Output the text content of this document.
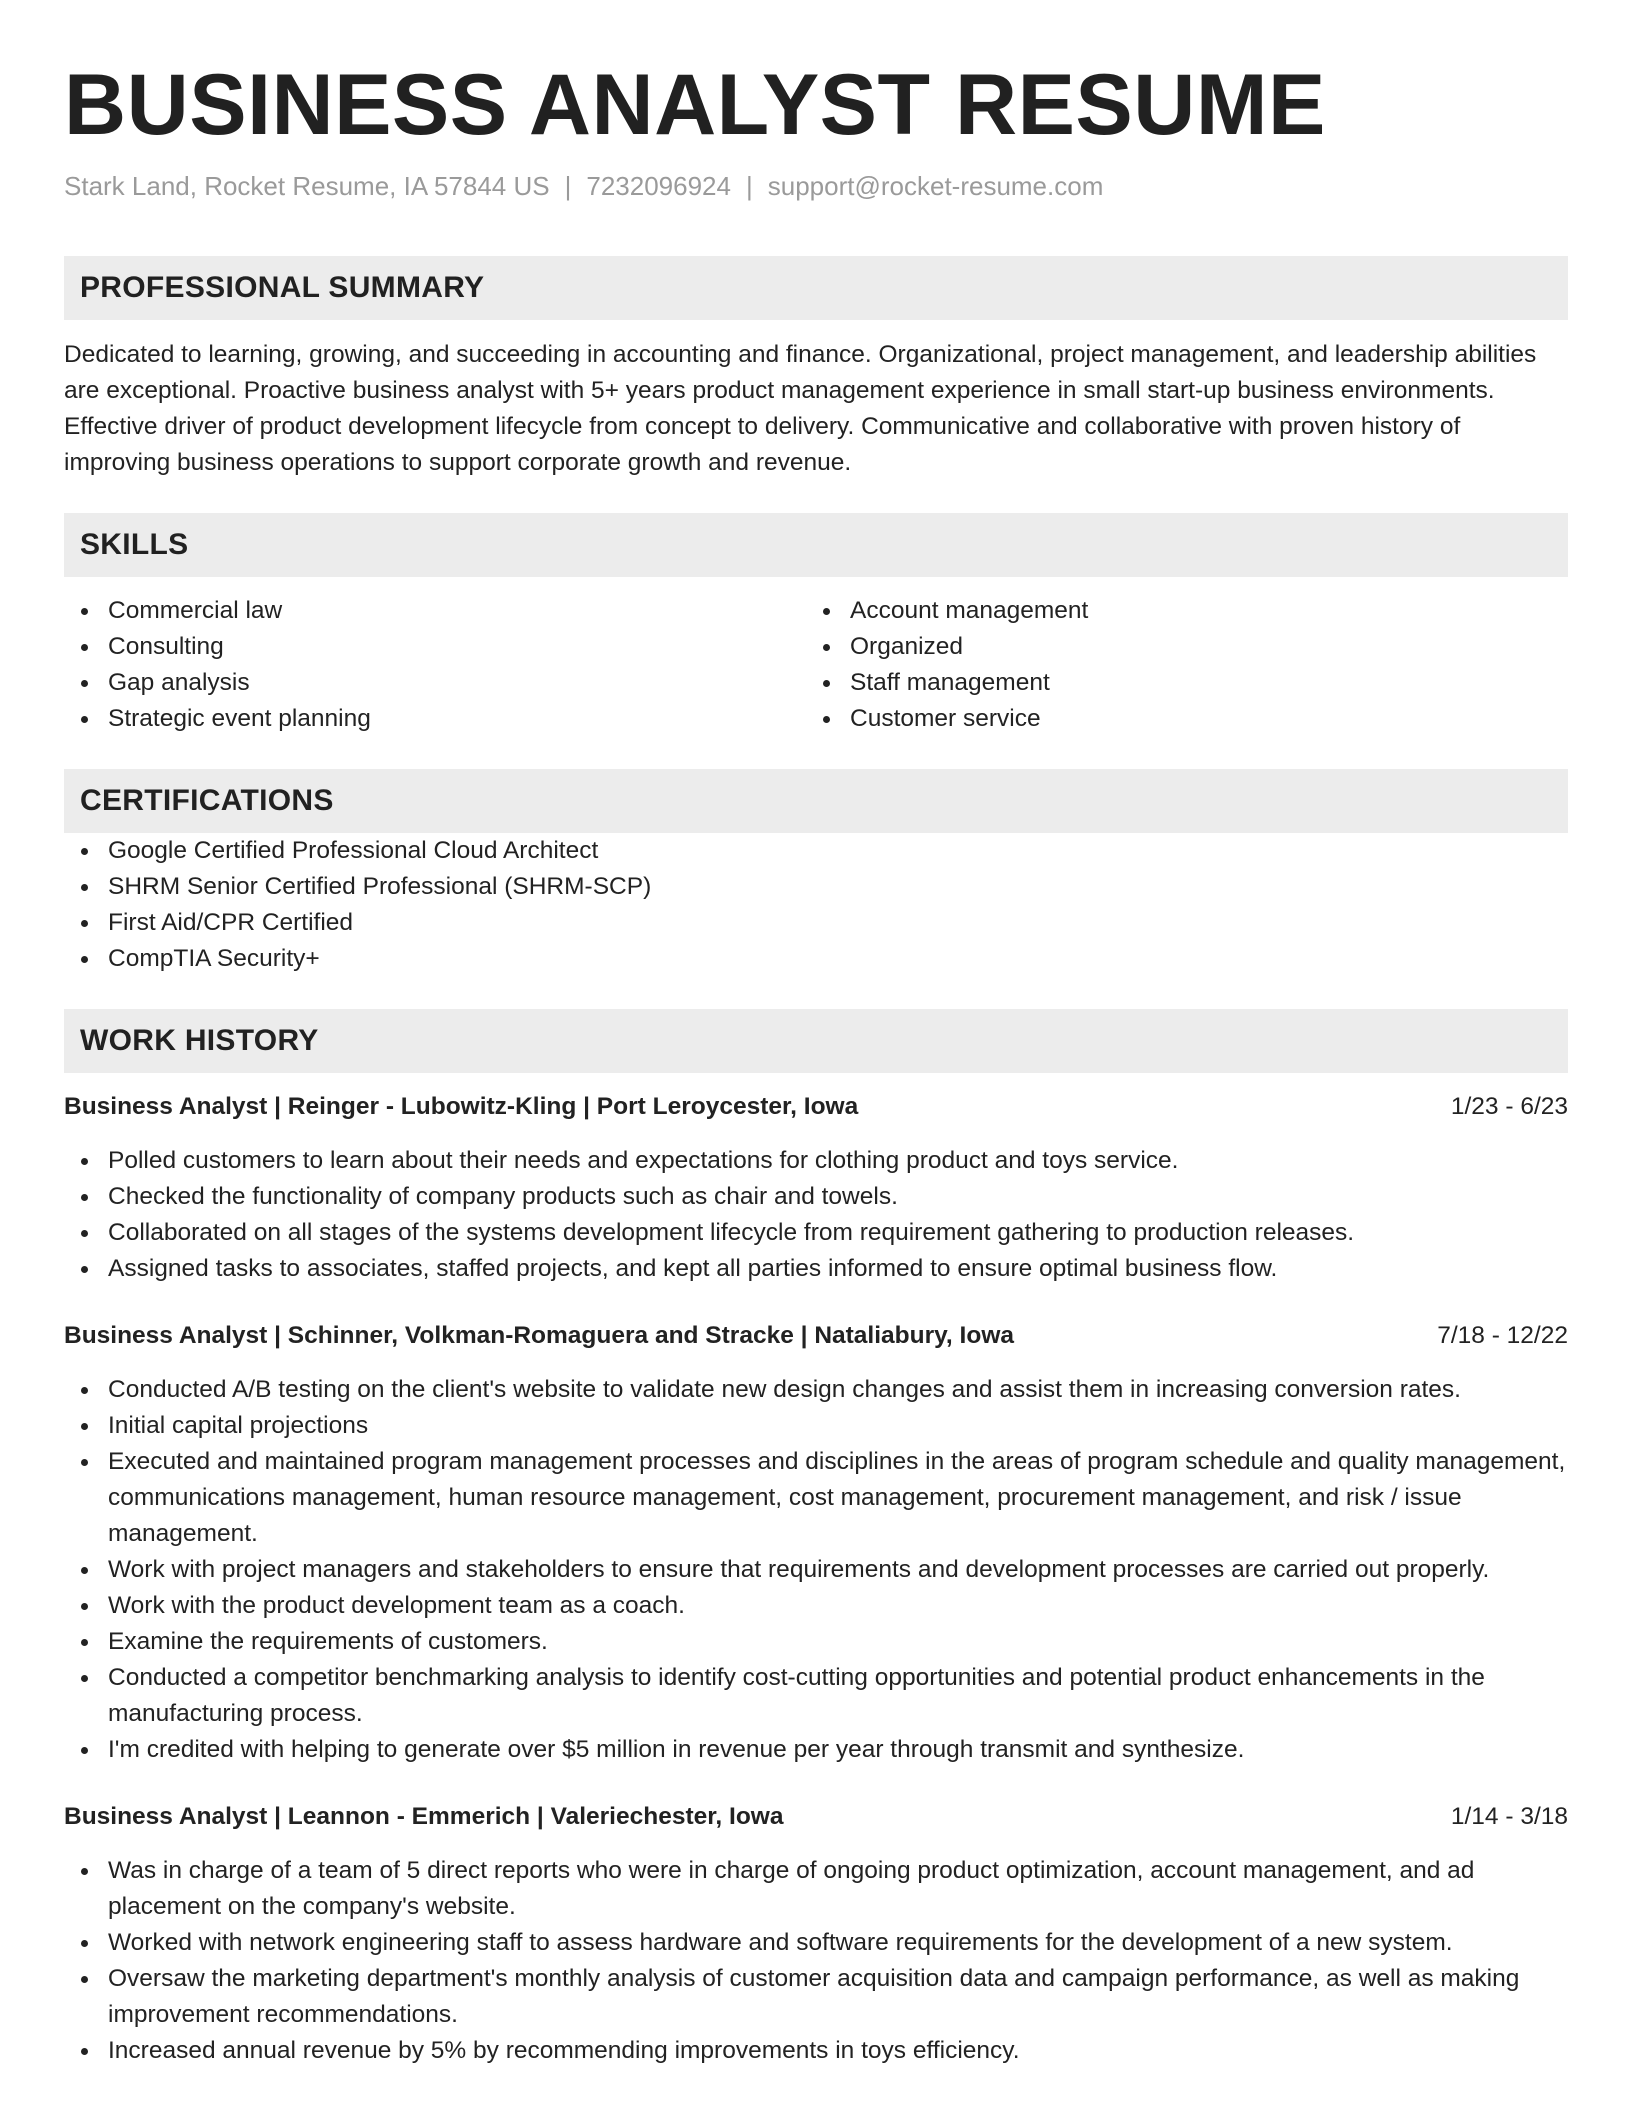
BUSINESS ANALYST RESUME
Stark Land, Rocket Resume, IA 57844 US | 7232096924 | support@rocket-resume.com
PROFESSIONAL SUMMARY
Dedicated to learning, growing, and succeeding in accounting and finance. Organizational, project management, and leadership abilities are exceptional. Proactive business analyst with 5+ years product management experience in small start-up business environments. Effective driver of product development lifecycle from concept to delivery. Communicative and collaborative with proven history of improving business operations to support corporate growth and revenue.
SKILLS
Commercial law
Consulting
Gap analysis
Strategic event planning
Account management
Organized
Staff management
Customer service
CERTIFICATIONS
Google Certified Professional Cloud Architect
SHRM Senior Certified Professional (SHRM-SCP)
First Aid/CPR Certified
CompTIA Security+
WORK HISTORY
Business Analyst | Reinger - Lubowitz-Kling | Port Leroycester, Iowa	1/23 - 6/23
Polled customers to learn about their needs and expectations for clothing product and toys service.
Checked the functionality of company products such as chair and towels.
Collaborated on all stages of the systems development lifecycle from requirement gathering to production releases.
Assigned tasks to associates, staffed projects, and kept all parties informed to ensure optimal business flow.
Business Analyst | Schinner, Volkman-Romaguera and Stracke | Nataliabury, Iowa	7/18 - 12/22
Conducted A/B testing on the client's website to validate new design changes and assist them in increasing conversion rates.
Initial capital projections
Executed and maintained program management processes and disciplines in the areas of program schedule and quality management, communications management, human resource management, cost management, procurement management, and risk / issue management.
Work with project managers and stakeholders to ensure that requirements and development processes are carried out properly.
Work with the product development team as a coach.
Examine the requirements of customers.
Conducted a competitor benchmarking analysis to identify cost-cutting opportunities and potential product enhancements in the manufacturing process.
I'm credited with helping to generate over $5 million in revenue per year through transmit and synthesize.
Business Analyst | Leannon - Emmerich | Valeriechester, Iowa	1/14 - 3/18
Was in charge of a team of 5 direct reports who were in charge of ongoing product optimization, account management, and ad placement on the company's website.
Worked with network engineering staff to assess hardware and software requirements for the development of a new system.
Oversaw the marketing department's monthly analysis of customer acquisition data and campaign performance, as well as making improvement recommendations.
Increased annual revenue by 5% by recommending improvements in toys efficiency.
